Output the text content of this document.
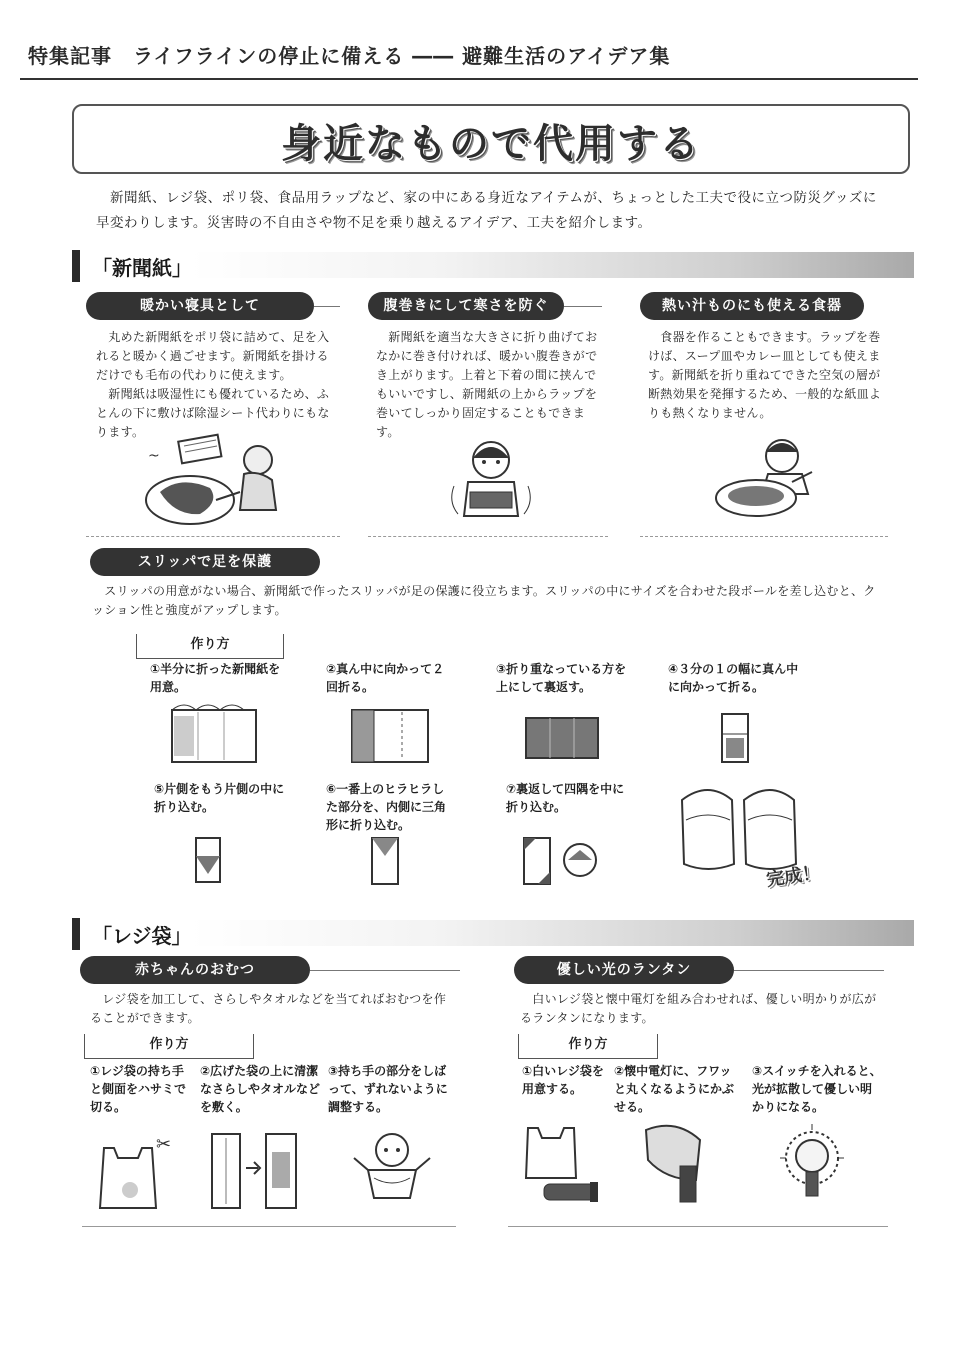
特集記事　ライフラインの停止に備える ―― 避難生活のアイデア集
身近なもので代用する
　新聞紙、レジ袋、ポリ袋、食品用ラップなど、家の中にある身近なアイテムが、ちょっとした工夫で役に立つ防災グッズに早変わりします。災害時の不自由さや物不足を乗り越えるアイデア、工夫を紹介します。
「新聞紙」
暖かい寝具として
　丸めた新聞紙をポリ袋に詰めて、足を入れると暖かく過ごせます。新聞紙を掛けるだけでも毛布の代わりに使えます。
　新聞紙は吸湿性にも優れているため、ふとんの下に敷けば除湿シート代わりにもなります。
~
腹巻きにして寒さを防ぐ
　新聞紙を適当な大きさに折り曲げておなかに巻き付ければ、暖かい腹巻きができ上がります。上着と下着の間に挟んでもいいですし、新聞紙の上からラップを巻いてしっかり固定することもできます。
熱い汁ものにも使える食器
　食器を作ることもできます。ラップを巻けば、スープ皿やカレー皿としても使えます。新聞紙を折り重ねてできた空気の層が断熱効果を発揮するため、一般的な紙皿よりも熱くなりません。
スリッパで足を保護
　スリッパの用意がない場合、新聞紙で作ったスリッパが足の保護に役立ちます。スリッパの中にサイズを合わせた段ボールを差し込むと、クッション性と強度がアップします。
作り方
①半分に折った新聞紙を用意。
②真ん中に向かって２回折る。
③折り重なっている方を上にして裏返す。
④３分の１の幅に真ん中に向かって折る。
⑤片側をもう片側の中に折り込む。
⑥一番上のヒラヒラした部分を、内側に三角形に折り込む。
⑦裏返して四隅を中に折り込む。
完成！
「レジ袋」
赤ちゃんのおむつ
　レジ袋を加工して、さらしやタオルなどを当てればおむつを作ることができます。
作り方
①レジ袋の持ち手と側面をハサミで切る。
②広げた袋の上に清潔なさらしやタオルなどを敷く。
③持ち手の部分をしばって、ずれないように調整する。
✂
優しい光のランタン
　白いレジ袋と懐中電灯を組み合わせれば、優しい明かりが広がるランタンになります。
作り方
①白いレジ袋を用意する。
②懐中電灯に、フワッと丸くなるようにかぶせる。
③スイッチを入れると、光が拡散して優しい明かりになる。
